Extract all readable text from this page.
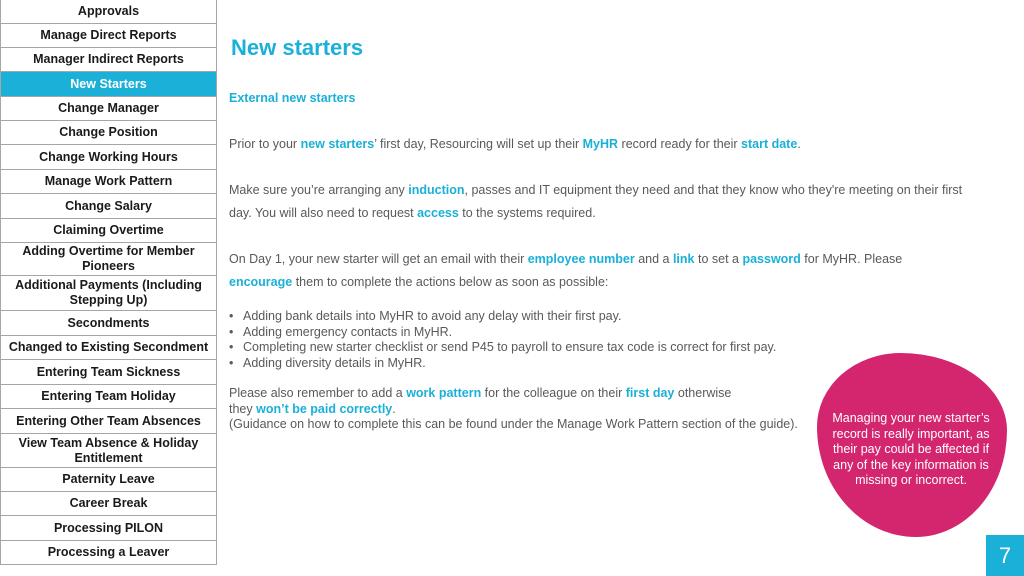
Approvals
Manage Direct Reports
Manager Indirect Reports
New Starters
Change Manager
Change Position
Change Working Hours
Manage Work Pattern
Change Salary
Claiming Overtime
Adding Overtime for Member Pioneers
Additional Payments (Including Stepping Up)
Secondments
Changed to Existing Secondment
Entering Team Sickness
Entering Team Holiday
Entering Other Team Absences
View Team Absence & Holiday Entitlement
Paternity Leave
Career Break
Processing PILON
Processing a Leaver
New starters
External new starters

Prior to your new starters’ first day, Resourcing will set up their MyHR record ready for their start date.

Make sure you’re arranging any induction, passes and IT equipment they need and that they know who they're meeting on their first day. You will also need to request access to the systems required.

On Day 1, your new starter will get an email with their employee number and a link to set a password for MyHR. Please encourage them to complete the actions below as soon as possible:

• Adding bank details into MyHR to avoid any delay with their first pay.
• Adding emergency contacts in MyHR.
• Completing new starter checklist or send P45 to payroll to ensure tax code is correct for first pay.
• Adding diversity details in MyHR.
Please also remember to add a work pattern for the colleague on their first day otherwise
they won’t be paid correctly.
(Guidance on how to complete this can be found under the Manage Work Pattern section of the guide).	Managing your new starter’s record is really important, as their pay could be affected if any of the key information is missing or incorrect.
7
